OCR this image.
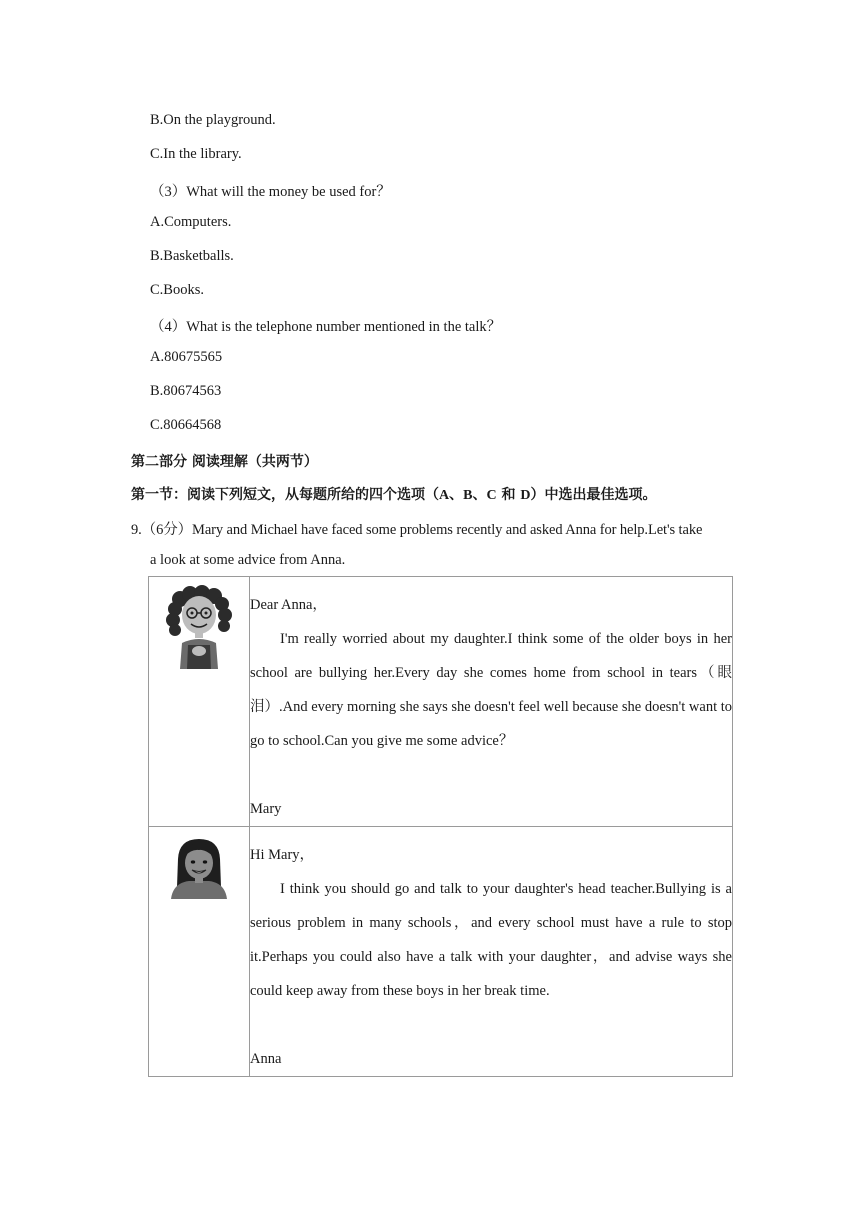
B.On the playground.
C.In the library.
（3）What will the money be used for？
A.Computers.
B.Basketballs.
C.Books.
（4）What is the telephone number mentioned in the talk？
A.80675565
B.80674563
C.80664568
第二部分 阅读理解（共两节）
第一节：阅读下列短文，从每题所给的四个选项（A、B、C 和 D）中选出最佳选项。
9.（6分）Mary and Michael have faced some problems recently and asked Anna for help.Let's take
a look at some advice from Anna.

Dear Anna，
I'm really worried about my daughter.I think some of the older boys in her school are bullying her.Every day she comes home from school in tears（眼泪）.And every morning she says she doesn't feel well because she doesn't want to go to school.Can you give me some advice？
Mary

Hi Mary，
I think you should go and talk to your daughter's head teacher.Bullying is a serious problem in many schools，and every school must have a rule to stop it.Perhaps you could also have a talk with your daughter，and advise ways she could keep away from these boys in her break time.
Anna
